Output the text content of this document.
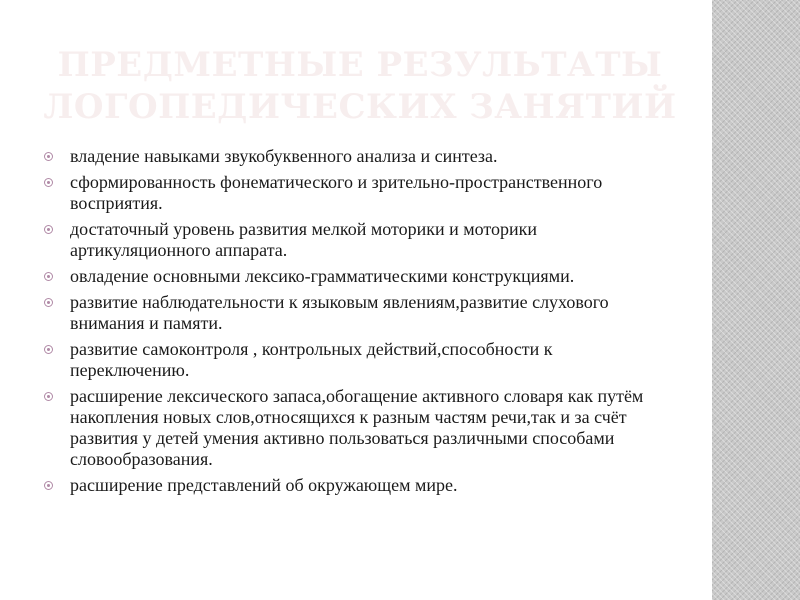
ПРЕДМЕТНЫЕ РЕЗУЛЬТАТЫ
ЛОГОПЕДИЧЕСКИХ ЗАНЯТИЙ
владение навыками звукобуквенного анализа и синтеза.
сформированность фонематического и зрительно-пространственного восприятия.
достаточный уровень развития мелкой моторики и моторики артикуляционного аппарата.
овладение основными лексико-грамматическими конструкциями.
развитие наблюдательности к языковым явлениям,развитие слухового внимания и памяти.
развитие самоконтроля , контрольных действий,способности к переключению.
расширение лексического запаса,обогащение активного словаря как путём накопления новых слов,относящихся к разным частям речи,так и за счёт развития у детей умения активно пользоваться различными способами словообразования.
расширение представлений об окружающем мире.
